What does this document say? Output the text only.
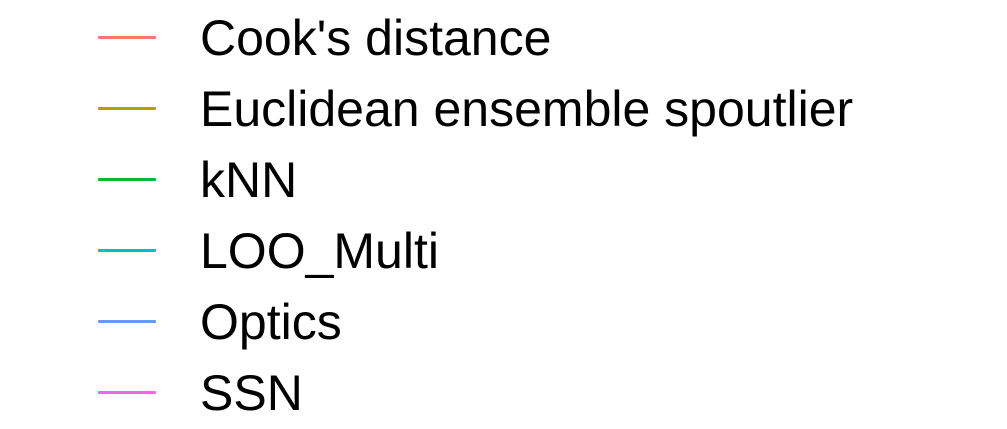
Cook's distance
Euclidean ensemble spoutlier
kNN
LOO_Multi
Optics
SSN
